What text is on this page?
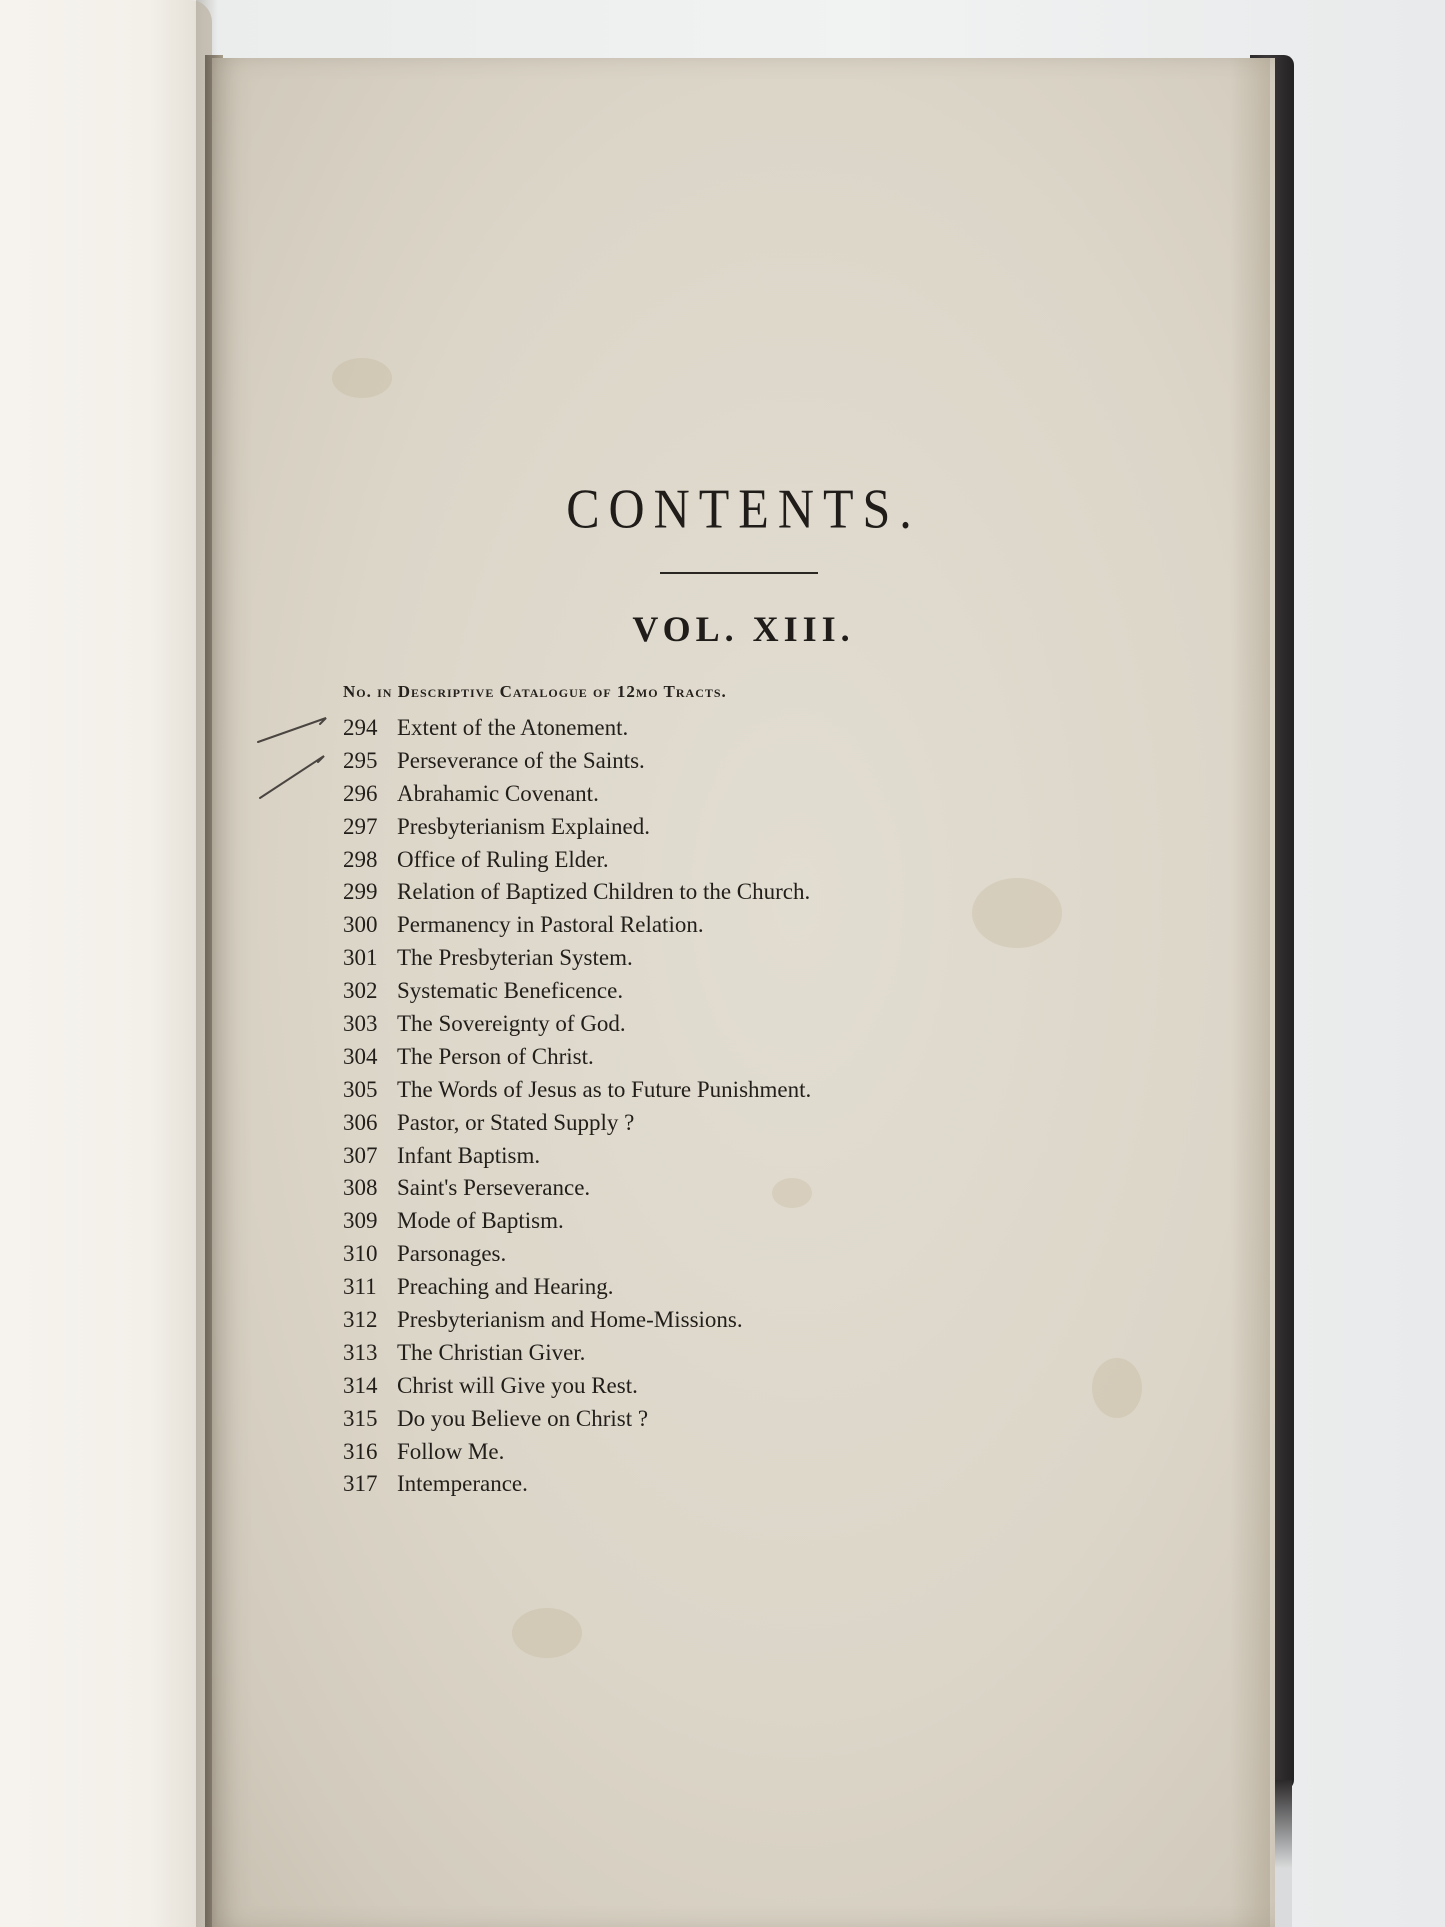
CONTENTS.
VOL. XIII.
No. in Descriptive Catalogue of 12mo Tracts.
294 Extent of the Atonement.
295 Perseverance of the Saints.
296 Abrahamic Covenant.
297 Presbyterianism Explained.
298 Office of Ruling Elder.
299 Relation of Baptized Children to the Church.
300 Permanency in Pastoral Relation.
301 The Presbyterian System.
302 Systematic Beneficence.
303 The Sovereignty of God.
304 The Person of Christ.
305 The Words of Jesus as to Future Punishment.
306 Pastor, or Stated Supply ?
307 Infant Baptism.
308 Saint's Perseverance.
309 Mode of Baptism.
310 Parsonages.
311 Preaching and Hearing.
312 Presbyterianism and Home-Missions.
313 The Christian Giver.
314 Christ will Give you Rest.
315 Do you Believe on Christ ?
316 Follow Me.
317 Intemperance.
